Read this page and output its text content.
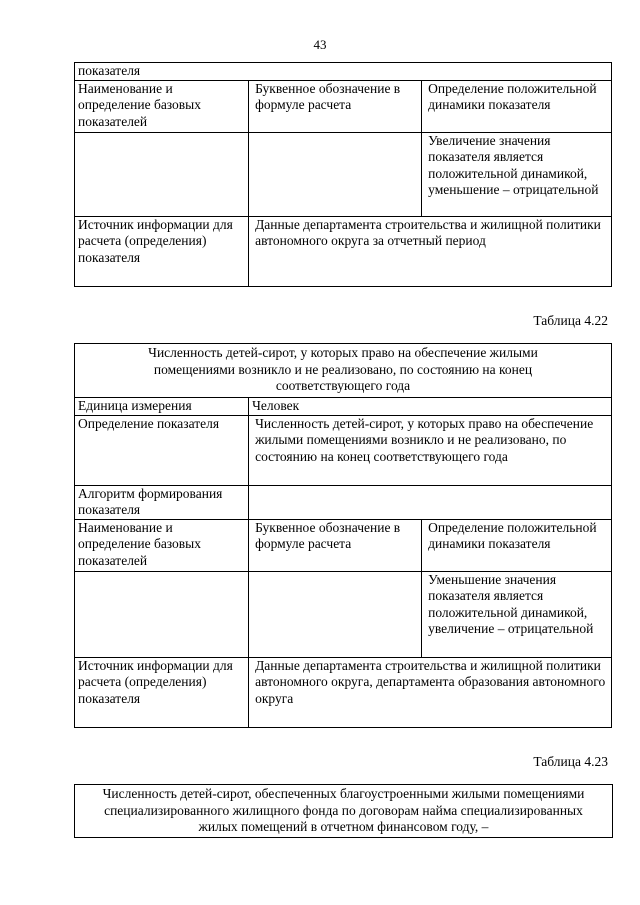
43
показателя		
Наименование и определение базовых показателей	Буквенное обозначение в формуле расчета	Определение положительной динамики показателя
		Увеличение значения показателя является положительной динамикой, уменьшение – отрицательной
Источник информации для расчета (определения) показателя	Данные департамента строительства и жилищной политики автономного округа за отчетный период	
Таблица 4.22
Численность детей-сирот, у которых право на обеспечение жилыми помещениями возникло и не реализовано, по состоянию на конец соответствующего года		
Единица измерения	Человек	
Определение показателя	Численность детей-сирот, у которых право на обеспечение жилыми помещениями возникло и не реализовано, по состоянию на конец соответствующего года	
Алгоритм формирования показателя		
Наименование и определение базовых показателей	Буквенное обозначение в формуле расчета	Определение положительной динамики показателя
		Уменьшение значения показателя является положительной динамикой, увеличение – отрицательной
Источник информации для расчета (определения) показателя	Данные департамента строительства и жилищной политики автономного округа, департамента образования автономного округа	
Таблица 4.23
Численность детей-сирот, обеспеченных благоустроенными жилыми помещениями специализированного жилищного фонда по договорам найма специализированных жилых помещений в отчетном финансовом году, –
